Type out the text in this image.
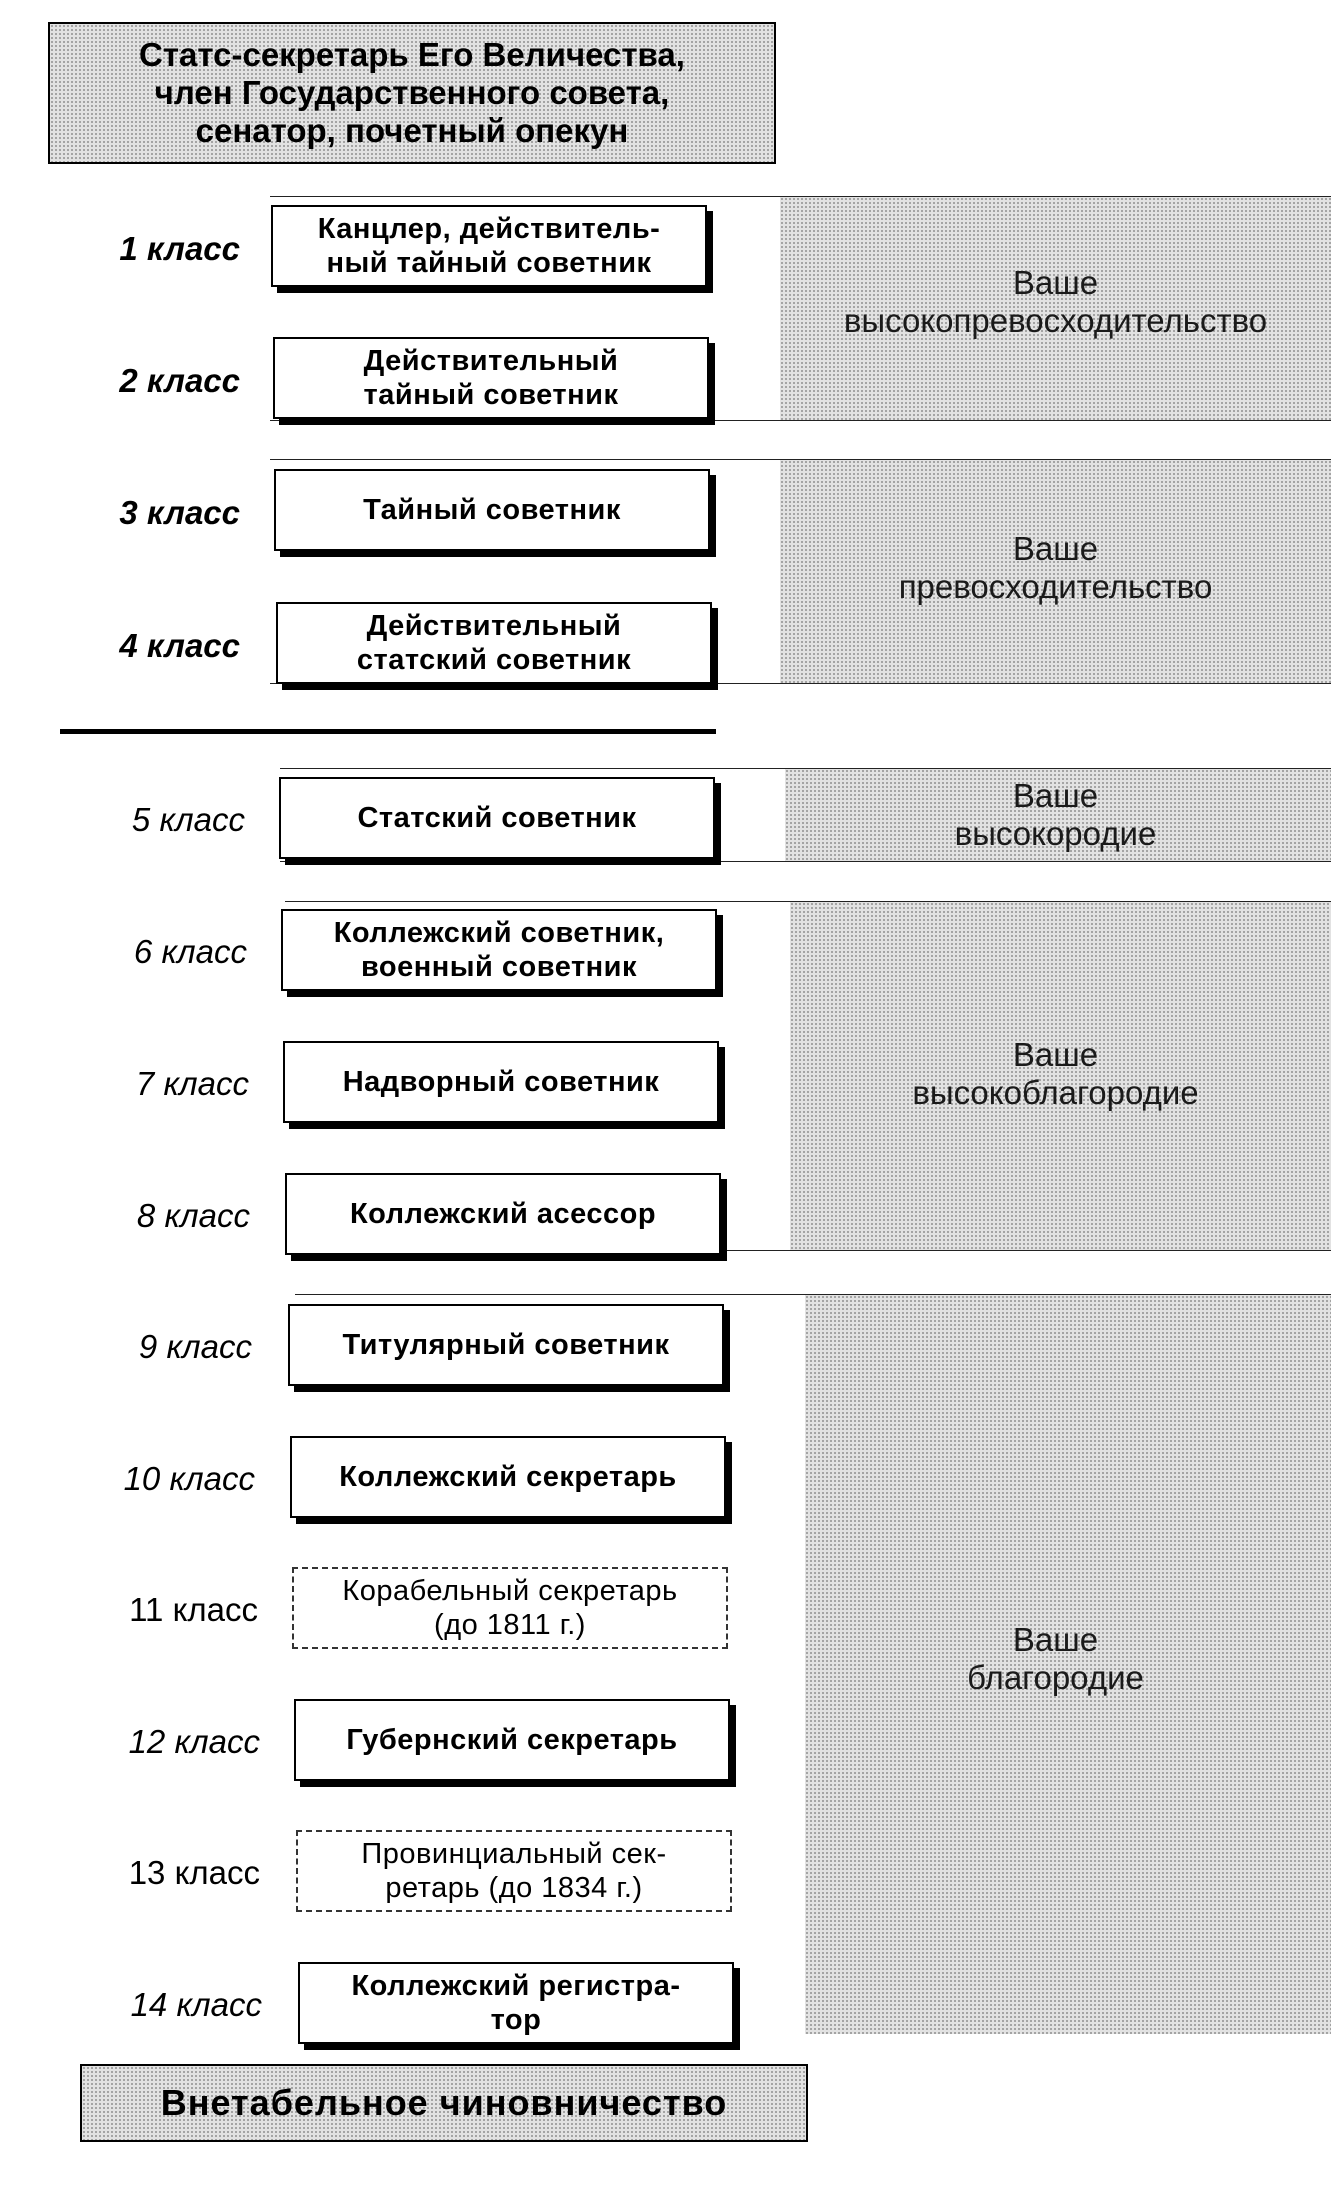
Статс-секретарь Его Величества,
член Государственного совета,
сенатор, почетный опекун
Ваше
высокопревосходительство
Ваше
превосходительство
Ваше
высокородие
Ваше
высокоблагородие
Ваше
благородие
1 класс
2 класс
3 класс
4 класс
5 класс
6 класс
7 класс
8 класс
9 класс
10 класс
11 класс
12 класс
13 класс
14 класс
Канцлер, действитель-
ный тайный советник
Действительный
тайный советник
Тайный советник
Действительный
статский советник
Статский советник
Коллежский советник,
военный советник
Надворный советник
Коллежский асессор
Титулярный советник
Коллежский секретарь
Корабельный секретарь
(до 1811 г.)
Губернский секретарь
Провинциальный сек-
ретарь (до 1834 г.)
Коллежский регистра-
тор
Внетабельное чиновничество
